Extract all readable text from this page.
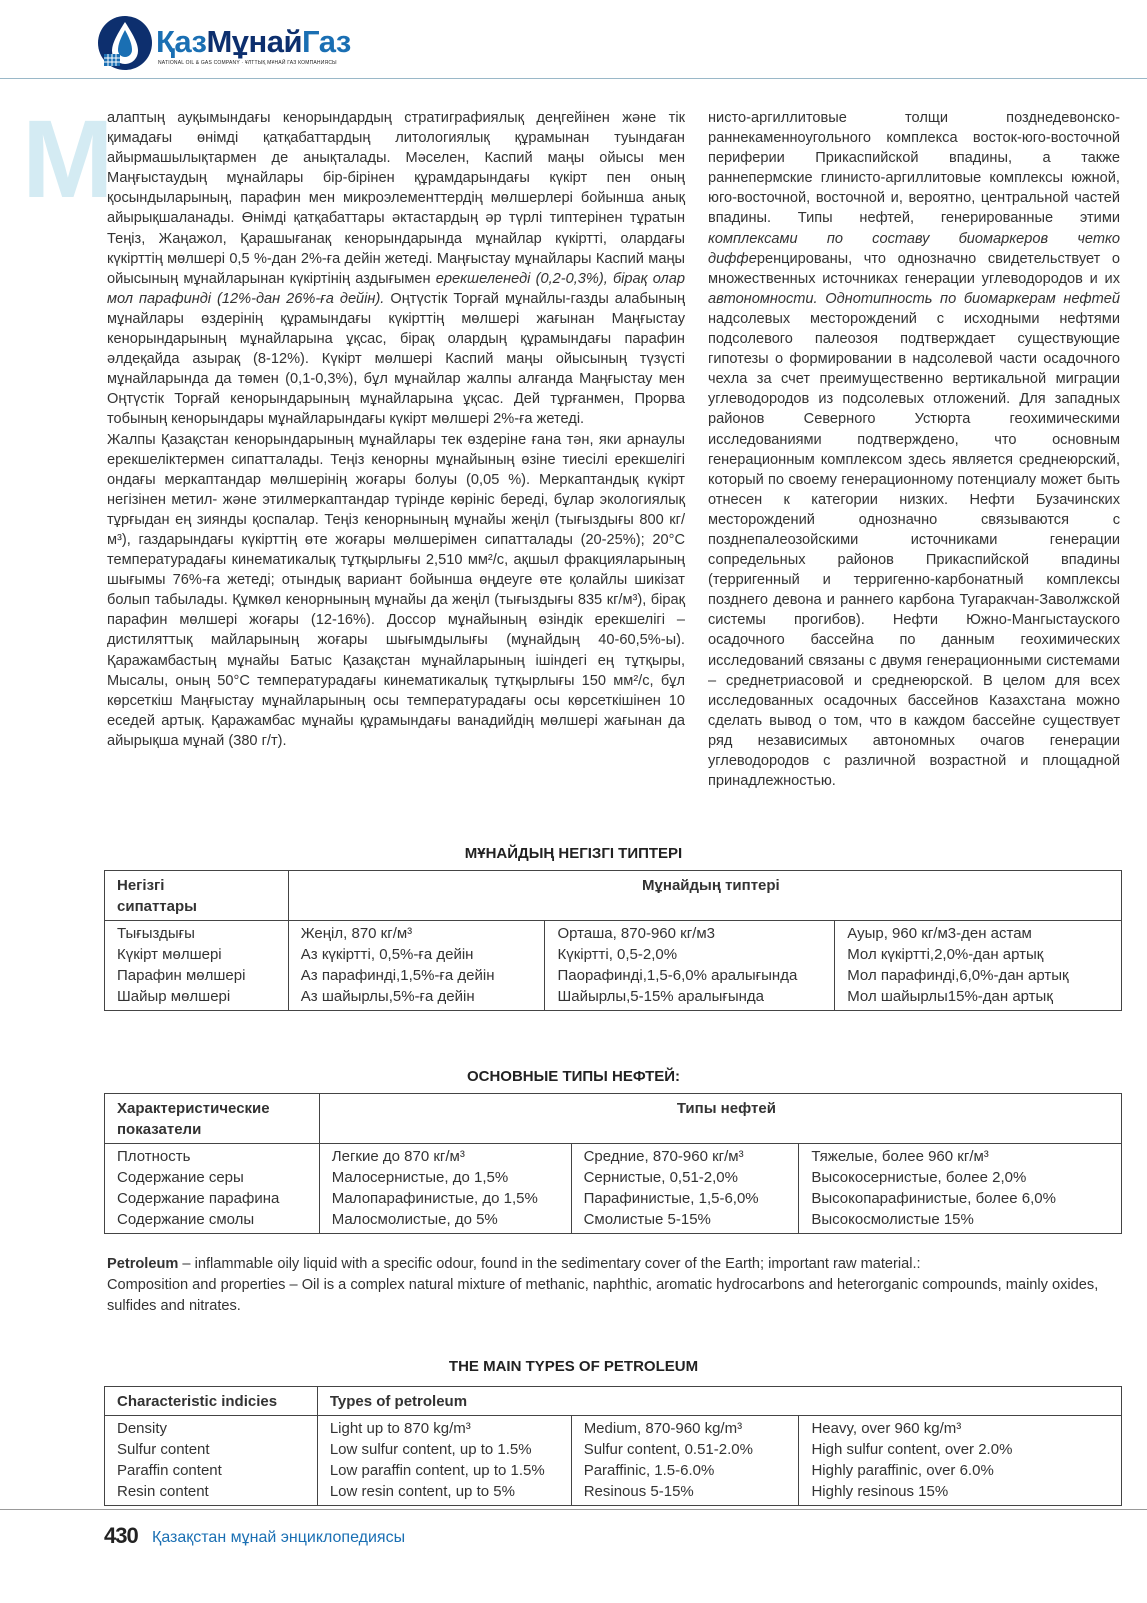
ҚазМұнайГаз
NATIONAL OIL & GAS COMPANY · ҰЛТТЫҚ МҰНАЙ ГАЗ КОМПАНИЯСЫ
М

алаптың ауқымындағы кенорындардың стратиграфиялық деңгейінен және тік қимадағы өнімді қатқабаттардың литологиялық құрамынан туындаған айырмашылықтармен де анықталады. Мәселен, Каспий маңы ойысы мен Маңғыстаудың мұнайлары бір-бірінен құрамдарындағы күкірт пен оның қосындыларының, парафин мен микроэлементтердің мөлшерлері бойынша анық айырықшаланады. Өнімді қатқабаттары әктастардың әр түрлі типтерінен тұратын Теңіз, Жаңажол, Қарашығанақ кенорындарында мұнайлар күкіртті, олардағы күкірттің мөлшері 0,5 %-дан 2%-ға дейін жетеді. Маңғыстау мұнайлары Каспий маңы ойысының мұнайларынан күкіртінің аздығымен ерекшеленеді (0,2-0,3%), бірақ олар мол парафинді (12%-дан 26%-ға дейін). Оңтүстік Торғай мұнайлы-газды алабының мұнайлары өздерінің құрамындағы күкірттің мөлшері жағынан Маңғыстау кенорындарының мұнайларына ұқсас, бірақ олардың құрамындағы парафин әлдеқайда азырақ (8-12%). Күкірт мөлшері Каспий маңы ойысының түзүсті мұнайларында да төмен (0,1-0,3%), бұл мұнайлар жалпы алғанда Маңғыстау мен Оңтүстік Торғай кенорындарының мұнайларына ұқсас. Дей тұрғанмен, Прорва тобының кенорындары мұнайларындағы күкірт мөлшері 2%-ға жетеді.

Жалпы Қазақстан кенорындарының мұнайлары тек өздеріне ғана тән, яки арнаулы ерекшеліктермен сипатталады. Теңіз кенорны мұнайының өзіне тиесілі ерекшелігі ондағы меркаптандар мөлшерінің жоғары болуы (0,05 %). Меркаптандық күкірт негізінен метил- және этилмеркаптандар түрінде көрініс береді, бұлар экологиялық тұрғыдан ең зиянды қоспалар. Теңіз кенорнының мұнайы жеңіл (тығыздығы 800 кг/м³), газдарындағы күкірттің өте жоғары мөлшерімен сипатталады (20-25%); 20°С температурадағы кинематикалық тұтқырлығы 2,510 мм²/с, ақшыл фракцияларының шығымы 76%-ға жетеді; отындық вариант бойынша өңдеуге өте қолайлы шикізат болып табылады. Құмкөл кенорнының мұнайы да жеңіл (тығыздығы 835 кг/м³), бірақ парафин мөлшері жоғары (12-16%). Доссор мұнайының өзіндік ерекшелігі – дистиляттық майларының жоғары шығымдылығы (мұнайдың 40-60,5%-ы). Қаражамбастың мұнайы Батыс Қазақстан мұнайларының ішіндегі ең тұтқыры, Мысалы, оның 50°С температурадағы кинематикалық тұтқырлығы 150 мм²/с, бұл көрсеткіш Маңғыстау мұнайларының осы температурадағы осы көрсеткішінен 10 еседей артық. Қаражамбас мұнайы құрамындағы ванадийдің мөлшері жағынан да айырықша мұнай (380 г/т).

нисто-аргиллитовые толщи позднедевонско-раннекаменноугольного комплекса восток-юго-восточной периферии Прикаспийской впадины, а также раннепермские глинисто-аргиллитовые комплексы южной, юго-восточной, восточной и, вероятно, центральной частей впадины. Типы нефтей, генерированные этими комплексами по составу биомаркеров четко дифференцированы, что однозначно свидетельствует о множественных источниках генерации углеводородов и их автономности. Однотипность по биомаркерам нефтей надсолевых месторождений с исходными нефтями подсолевого палеозоя подтверждает существующие гипотезы о формировании в надсолевой части осадочного чехла за счет преимущественно вертикальной миграции углеводородов из подсолевых отложений. Для западных районов Северного Устюрта геохимическими исследованиями подтверждено, что основным генерационным комплексом здесь является среднеюрский, который по своему генерационному потенциалу может быть отнесен к категории низких. Нефти Бузачинских месторождений однозначно связываются с позднепалеозойскими источниками генерации сопредельных районов Прикаспийской впадины (терригенный и терригенно-карбонатный комплексы позднего девона и раннего карбона Тугаракчан-Заволжской системы прогибов). Нефти Южно-Мангыстауского осадочного бассейна по данным геохимических исследований связаны с двумя генерационными системами – среднетриасовой и среднеюрской. В целом для всех исследованных осадочных бассейнов Казахстана можно сделать вывод о том, что в каждом бассейне существует ряд независимых автономных очагов генерации углеводородов с различной возрастной и площадной принадлежностью.

МҰНАЙДЫҢ НЕГІЗГІ ТИПТЕРІ
Негізгі
сипаттары	Мұнайдың типтері		
Тығыздығы	Жеңіл, 870 кг/м³	Орташа, 870-960 кг/м3	Ауыр, 960 кг/м3-ден астам
Күкірт мөлшері	Аз күкіртті, 0,5%-ға дейін	Күкіртті, 0,5-2,0%	Мол күкіртті,2,0%-дан артық
Парафин мөлшері	Аз парафинді,1,5%-ға дейін	Паорафинді,1,5-6,0% аралығында	Мол парафинді,6,0%-дан артық
Шайыр мөлшері	Аз шайырлы,5%-ға дейін	Шайырлы,5-15% аралығында	Мол шайырлы15%-дан артық
ОСНОВНЫЕ ТИПЫ НЕФТЕЙ:
Характеристические
показатели	Типы нефтей		
Плотность	Легкие до 870 кг/м³	Средние, 870-960 кг/м³	Тяжелые, более 960 кг/м³
Содержание серы	Малосернистые, до 1,5%	Сернистые, 0,51-2,0%	Высокосернистые, более 2,0%
Содержание парафина	Малопарафинистые, до 1,5%	Парафинистые, 1,5-6,0%	Высокопарафинистые, более 6,0%
Содержание смолы	Малосмолистые, до 5%	Смолистые 5-15%	Высокосмолистые 15%
Petroleum – inflammable oily liquid with a specific odour, found in the sedimentary cover of the Earth; important raw material.:
Composition and properties – Oil is a complex natural mixture of methanic, naphthic, aromatic hydrocarbons and heterorganic compounds, mainly oxides, sulfides and nitrates.
THE MAIN TYPES OF PETROLEUM
Characteristic indicies	Types of petroleum		
Density	Light up to 870 kg/m³	Medium, 870-960 kg/m³	Heavy, over 960 kg/m³
Sulfur content	Low sulfur content, up to 1.5%	Sulfur content, 0.51-2.0%	High sulfur content, over 2.0%
Paraffin content	Low paraffin content, up to 1.5%	Paraffinic, 1.5-6.0%	Highly paraffinic, over 6.0%
Resin content	Low resin content, up to 5%	Resinous 5-15%	Highly resinous 15%
430 Қазақстан мұнай энциклопедиясы
